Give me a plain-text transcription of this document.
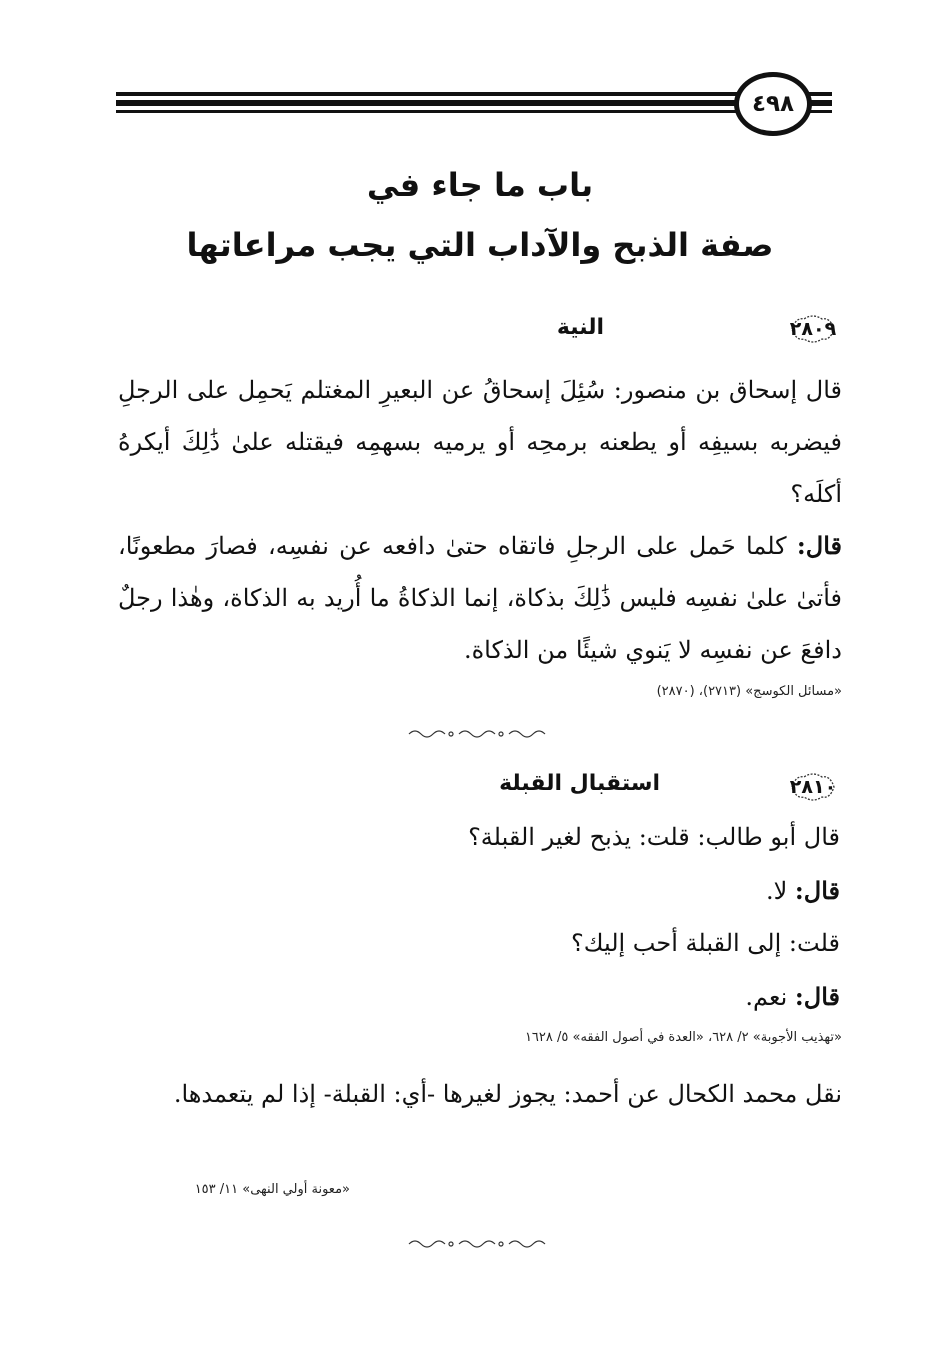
٤٩٨
باب ما جاء في
صفة الذبح والآداب التي يجب مراعاتها
٢٨٠٩
النية
قال إسحاق بن منصور: سُئِلَ إسحاقُ عن البعيرِ المغتلم يَحمِل على الرجلِ فيضربه بسيفِه أو يطعنه برمحِه أو يرميه بسهمِه فيقتله علىٰ ذَٰلِكَ أيكرهُ أكلَه؟
قال: كلما حَمل على الرجلِ فاتقاه حتىٰ دافعه عن نفسِه، فصارَ مطعونًا، فأتىٰ علىٰ نفسِه فليس ذَٰلِكَ بذكاة، إنما الذكاةُ ما أُريد به الذكاة، وهٰذا رجلٌ دافعَ عن نفسِه لا يَنوي شيئًا من الذكاة.
«مسائل الكوسج» (٢٧١٣)، (٢٨٧٠)
٢٨١٠
استقبال القبلة
قال أبو طالب: قلت: يذبح لغير القبلة؟
قال: لا.
قلت: إلى القبلة أحب إليك؟
قال: نعم.
«تهذيب الأجوبة» ٢/ ٦٢٨، «العدة في أصول الفقه» ٥/ ١٦٢٨
نقل محمد الكحال عن أحمد: يجوز لغيرها -أي: القبلة- إذا لم يتعمدها.
«معونة أولي النهى» ١١/ ١٥٣
